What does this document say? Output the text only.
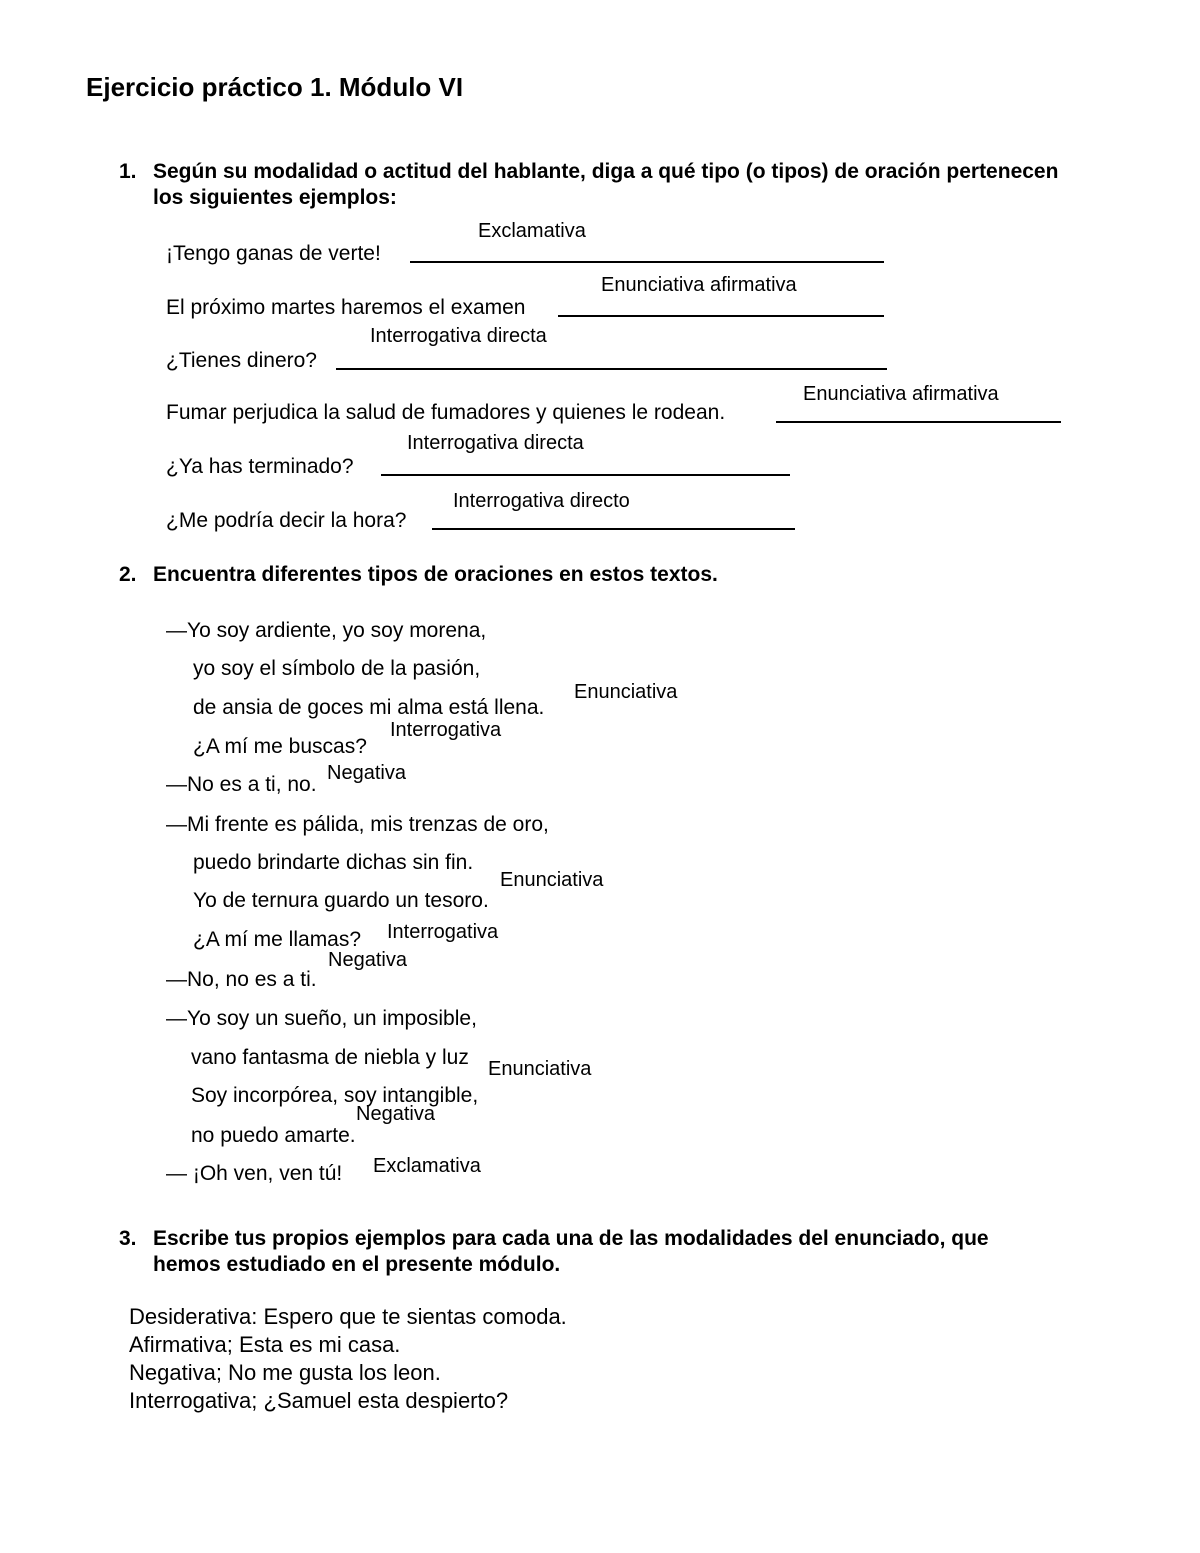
Ejercicio práctico 1. Módulo VI
1. Según su modalidad o actitud del hablante, diga a qué tipo (o tipos) de oración pertenecen
los siguientes ejemplos:
Exclamativa
¡Tengo ganas de verte!
Enunciativa afirmativa
El próximo martes haremos el examen
Interrogativa directa
¿Tienes dinero?
Enunciativa afirmativa
Fumar perjudica la salud de fumadores y quienes le rodean.
Interrogativa directa
¿Ya has terminado?
Interrogativa directo
¿Me podría decir la hora?
2. Encuentra diferentes tipos de oraciones en estos textos.
—Yo soy ardiente, yo soy morena,
yo soy el símbolo de la pasión,
de ansia de goces mi alma está llena.
¿A mí me buscas?
—No es a ti, no.
—Mi frente es pálida, mis trenzas de oro,
puedo brindarte dichas sin fin.
Yo de ternura guardo un tesoro.
¿A mí me llamas?
—No, no es a ti.
—Yo soy un sueño, un imposible,
vano fantasma de niebla y luz
Soy incorpórea, soy intangible,
no puedo amarte.
— ¡Oh ven, ven tú!
Enunciativa
Interrogativa
Negativa
Enunciativa
Interrogativa
Negativa
Enunciativa
Negativa
Exclamativa
3. Escribe tus propios ejemplos para cada una de las modalidades del enunciado, que
hemos estudiado en el presente módulo.
Desiderativa: Espero que te sientas comoda.
Afirmativa; Esta es mi casa.
Negativa; No me gusta los leon.
Interrogativa; ¿Samuel esta despierto?
